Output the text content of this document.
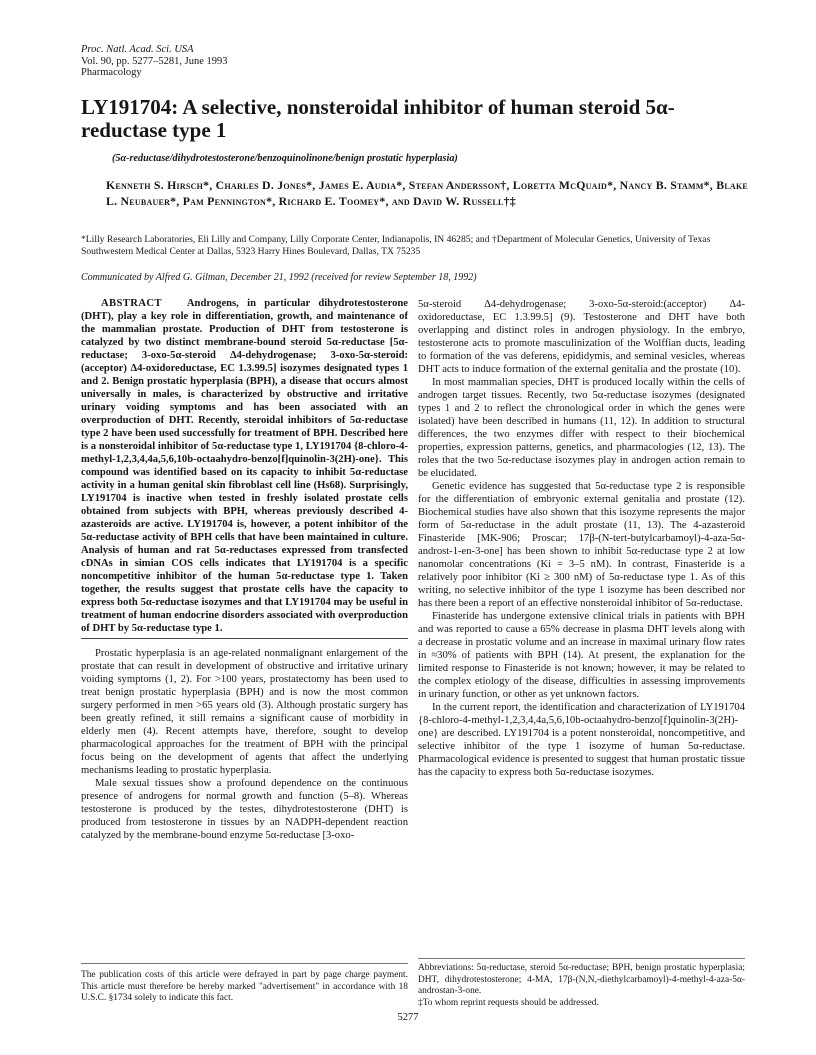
Proc. Natl. Acad. Sci. USA
Vol. 90, pp. 5277–5281, June 1993
Pharmacology
LY191704: A selective, nonsteroidal inhibitor of human steroid 5α-reductase type 1
(5α-reductase/dihydrotestosterone/benzoquinolinone/benign prostatic hyperplasia)
Kenneth S. Hirsch*, Charles D. Jones*, James E. Audia*, Stefan Andersson†, Loretta McQuaid*, Nancy B. Stamm*, Blake L. Neubauer*, Pam Pennington*, Richard E. Toomey*, and David W. Russell†‡
*Lilly Research Laboratories, Eli Lilly and Company, Lilly Corporate Center, Indianapolis, IN 46285; and †Department of Molecular Genetics, University of Texas Southwestern Medical Center at Dallas, 5323 Harry Hines Boulevard, Dallas, TX 75235
Communicated by Alfred G. Gilman, December 21, 1992 (received for review September 18, 1992)

ABSTRACT Androgens, in particular dihydrotestosterone (DHT), play a key role in differentiation, growth, and maintenance of the mammalian prostate. Production of DHT from testosterone is catalyzed by two distinct membrane-bound steroid 5α-reductase [5α-reductase; 3-oxo-5α-steroid Δ4-dehydrogenase; 3-oxo-5α-steroid:(acceptor) Δ4-oxidoreductase, EC 1.3.99.5] isozymes designated types 1 and 2. Benign prostatic hyperplasia (BPH), a disease that occurs almost universally in males, is characterized by obstructive and irritative urinary voiding symptoms and has been associated with an overproduction of DHT. Recently, steroidal inhibitors of 5α-reductase type 2 have been used successfully for treatment of BPH. Described here is a nonsteroidal inhibitor of 5α-reductase type 1, LY191704 {8-chloro-4-methyl-1,2,3,4,4a,5,6,10b-octaahydro-benzo[f]quinolin-3(2H)-one}. This compound was identified based on its capacity to inhibit 5α-reductase activity in a human genital skin fibroblast cell line (Hs68). Surprisingly, LY191704 is inactive when tested in freshly isolated prostate cells obtained from subjects with BPH, whereas previously described 4-azasteroids are active. LY191704 is, however, a potent inhibitor of the 5α-reductase activity of BPH cells that have been maintained in culture. Analysis of human and rat 5α-reductases expressed from transfected cDNAs in simian COS cells indicates that LY191704 is a specific noncompetitive inhibitor of the human 5α-reductase type 1. Taken together, the results suggest that prostate cells have the capacity to express both 5α-reductase isozymes and that LY191704 may be useful in treatment of human endocrine disorders associated with overproduction of DHT by 5α-reductase type 1.

Prostatic hyperplasia is an age-related nonmalignant enlargement of the prostate that can result in development of obstructive and irritative urinary voiding symptoms (1, 2). For >100 years, prostatectomy has been used to treat benign prostatic hyperplasia (BPH) and is now the most common surgery performed in men >65 years old (3). Although prostatic surgery has been greatly refined, it still remains a significant cause of morbidity in elderly men (4). Recent attempts have, therefore, sought to develop pharmacological approaches for the treatment of BPH with the principal focus being on the development of agents that affect the underlying mechanisms leading to prostatic hyperplasia.

Male sexual tissues show a profound dependence on the continuous presence of androgens for normal growth and function (5–8). Whereas testosterone is produced by the testes, dihydrotestosterone (DHT) is produced from testosterone in tissues by an NADPH-dependent reaction catalyzed by the membrane-bound enzyme 5α-reductase [3-oxo-

5α-steroid Δ4-dehydrogenase; 3-oxo-5α-steroid:(acceptor) Δ4-oxidoreductase, EC 1.3.99.5] (9). Testosterone and DHT have both overlapping and distinct roles in androgen physiology. In the embryo, testosterone acts to promote masculinization of the Wolffian ducts, leading to formation of the vas deferens, epididymis, and seminal vesicles, whereas DHT acts to induce formation of the external genitalia and the prostate (10).

In most mammalian species, DHT is produced locally within the cells of androgen target tissues. Recently, two 5α-reductase isozymes (designated types 1 and 2 to reflect the chronological order in which the genes were isolated) have been described in humans (11, 12). In addition to structural differences, the two enzymes differ with respect to their biochemical properties, expression patterns, genetics, and pharmacologies (12, 13). The roles that the two 5α-reductase isozymes play in androgen action remain to be elucidated.

Genetic evidence has suggested that 5α-reductase type 2 is responsible for the differentiation of embryonic external genitalia and prostate (12). Biochemical studies have also shown that this isozyme represents the major form of 5α-reductase in the adult prostate (11, 13). The 4-azasteroid Finasteride [MK-906; Proscar; 17β-(N-tert-butylcarbamoyl)-4-aza-5α-androst-1-en-3-one] has been shown to inhibit 5α-reductase type 2 at low nanomolar concentrations (Ki = 3–5 nM). In contrast, Finasteride is a relatively poor inhibitor (Ki ≥ 300 nM) of 5α-reductase type 1. As of this writing, no selective inhibitor of the type 1 isozyme has been described nor has there been a report of an effective nonsteroidal inhibitor of 5α-reductase.

Finasteride has undergone extensive clinical trials in patients with BPH and was reported to cause a 65% decrease in plasma DHT levels along with a decrease in prostatic volume and an increase in maximal urinary flow rates in ≈30% of patients with BPH (14). At present, the explanation for the limited response to Finasteride is not known; however, it may be related to the complex etiology of the disease, difficulties in assessing improvements in urinary function, or other as yet unknown factors.

In the current report, the identification and characterization of LY191704 {8-chloro-4-methyl-1,2,3,4,4a,5,6,10b-octaahydro-benzo[f]quinolin-3(2H)-one} are described. LY191704 is a potent nonsteroidal, noncompetitive, and selective inhibitor of the type 1 isozyme of human 5α-reductase. Pharmacological evidence is presented to suggest that human prostatic tissue has the capacity to express both 5α-reductase isozymes.

The publication costs of this article were defrayed in part by page charge payment. This article must therefore be hereby marked "advertisement" in accordance with 18 U.S.C. §1734 solely to indicate this fact.
Abbreviations: 5α-reductase, steroid 5α-reductase; BPH, benign prostatic hyperplasia; DHT, dihydrotestosterone; 4-MA, 17β-(N,N,-diethylcarbamoyl)-4-methyl-4-aza-5α-androstan-3-one.
‡To whom reprint requests should be addressed.
5277
